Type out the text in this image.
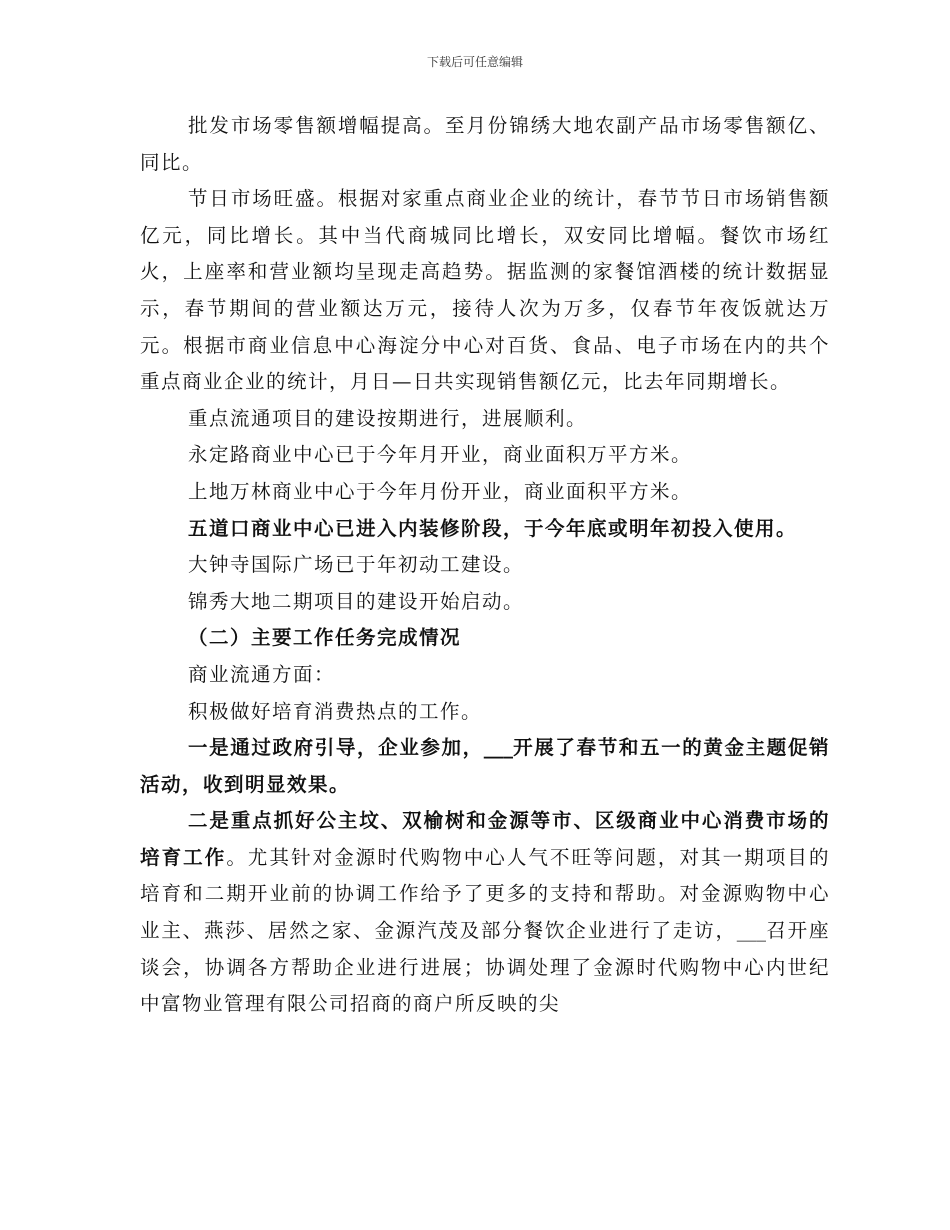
下载后可任意编辑

批发市场零售额增幅提高。至月份锦绣大地农副产品市场零售额亿、同比。

节日市场旺盛。根据对家重点商业企业的统计，春节节日市场销售额亿元，同比增长。其中当代商城同比增长，双安同比增幅。餐饮市场红火，上座率和营业额均呈现走高趋势。据监测的家餐馆酒楼的统计数据显示，春节期间的营业额达万元，接待人次为万多，仅春节年夜饭就达万元。根据市商业信息中心海淀分中心对百货、食品、电子市场在内的共个重点商业企业的统计，月日—日共实现销售额亿元，比去年同期增长。

重点流通项目的建设按期进行，进展顺利。

永定路商业中心已于今年月开业，商业面积万平方米。

上地万林商业中心于今年月份开业，商业面积平方米。

五道口商业中心已进入内装修阶段，于今年底或明年初投入使用。

大钟寺国际广场已于年初动工建设。

锦秀大地二期项目的建设开始启动。

（二）主要工作任务完成情况

商业流通方面：

积极做好培育消费热点的工作。

一是通过政府引导，企业参加，___开展了春节和五一的黄金主题促销活动，收到明显效果。

二是重点抓好公主坟、双榆树和金源等市、区级商业中心消费市场的培育工作。尤其针对金源时代购物中心人气不旺等问题，对其一期项目的培育和二期开业前的协调工作给予了更多的支持和帮助。对金源购物中心业主、燕莎、居然之家、金源汽茂及部分餐饮企业进行了走访，___召开座谈会，协调各方帮助企业进行进展；协调处理了金源时代购物中心内世纪中富物业管理有限公司招商的商户所反映的尖
